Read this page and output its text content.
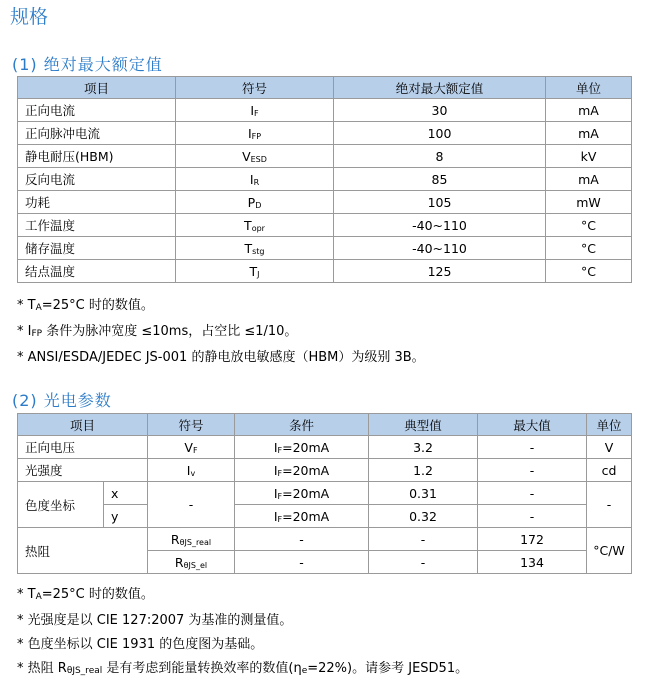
规格
(1) 绝对最大额定值
项目	符号	绝对最大额定值	单位
正向电流	$I_F$	30	mA
正向脉冲电流	$I_{FP}$	100	mA
静电耐压(HBM)	$V_{ESD}$	8	kV
反向电流	$I_R$	85	mA
功耗	$P_D$	105	mW
工作温度	$T_{opr}$	-40~110	°C
储存温度	$T_{stg}$	-40~110	°C
结点温度	$T_J$	125	°C
* $T_A=25^\circ C$ 时的数值。
* $I_{FP}$ 条件为脉冲宽度 ≤10ms，占空比 ≤1/10。
* ANSI/ESDA/JEDEC JS-001 的静电放电敏感度（HBM）为级别 3B。
(2) 光电参数
项目		符号	条件	典型值	最大值	单位
正向电压		$V_F$	$I_F=20mA$	3.2	-	V
光强度		$I_v$	$I_F=20mA$	1.2	-	cd
色度坐标	x	-	$I_F=20mA$	0.31	-	-
	y		$I_F=20mA$	0.32	-	
热阻		$R_{\theta JS\_real}$	-	-	172	°C/W
		$R_{\theta JS\_el}$	-	-	134	
* $T_A=25^\circ C$ 时的数值。
* 光强度是以 CIE 127:2007 为基准的测量值。
* 色度坐标以 CIE 1931 的色度图为基础。
* 热阻 $R_{\theta JS\_real}$ 是有考虑到能量转换效率的数值$(\eta_e=22\%)$。请参考 JESD51。
